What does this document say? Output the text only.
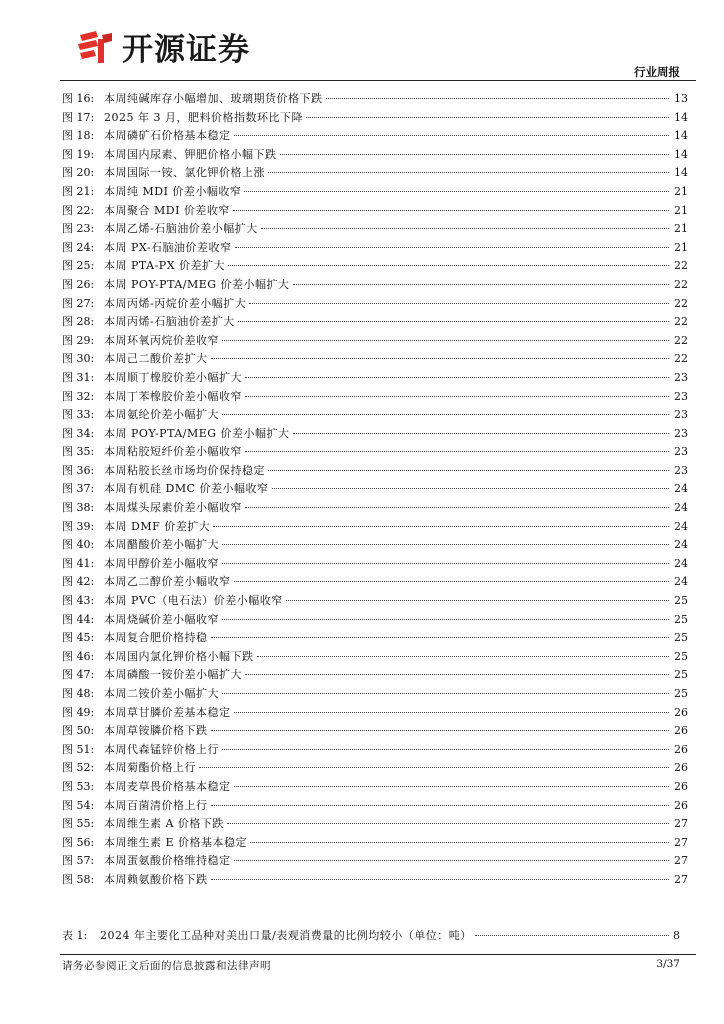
开源证券
行业周报
图 16: 本周纯碱库存小幅增加、玻璃期货价格下跌	13
图 17: 2025 年 3 月，肥料价格指数环比下降	14
图 18: 本周磷矿石价格基本稳定	14
图 19: 本周国内尿素、钾肥价格小幅下跌	14
图 20: 本周国际一铵、氯化钾价格上涨	14
图 21: 本周纯 MDI 价差小幅收窄	21
图 22: 本周聚合 MDI 价差收窄	21
图 23: 本周乙烯-石脑油价差小幅扩大	21
图 24: 本周 PX-石脑油价差收窄	21
图 25: 本周 PTA-PX 价差扩大	22
图 26: 本周 POY-PTA/MEG 价差小幅扩大	22
图 27: 本周丙烯-丙烷价差小幅扩大	22
图 28: 本周丙烯-石脑油价差扩大	22
图 29: 本周环氧丙烷价差收窄	22
图 30: 本周己二酸价差扩大	22
图 31: 本周顺丁橡胶价差小幅扩大	23
图 32: 本周丁苯橡胶价差小幅收窄	23
图 33: 本周氨纶价差小幅扩大	23
图 34: 本周 POY-PTA/MEG 价差小幅扩大	23
图 35: 本周粘胶短纤价差小幅收窄	23
图 36: 本周粘胶长丝市场均价保持稳定	23
图 37: 本周有机硅 DMC 价差小幅收窄	24
图 38: 本周煤头尿素价差小幅收窄	24
图 39: 本周 DMF 价差扩大	24
图 40: 本周醋酸价差小幅扩大	24
图 41: 本周甲醇价差小幅收窄	24
图 42: 本周乙二醇价差小幅收窄	24
图 43: 本周 PVC（电石法）价差小幅收窄	25
图 44: 本周烧碱价差小幅收窄	25
图 45: 本周复合肥价格持稳	25
图 46: 本周国内氯化钾价格小幅下跌	25
图 47: 本周磷酸一铵价差小幅扩大	25
图 48: 本周二铵价差小幅扩大	25
图 49: 本周草甘膦价差基本稳定	26
图 50: 本周草铵膦价格下跌	26
图 51: 本周代森锰锌价格上行	26
图 52: 本周菊酯价格上行	26
图 53: 本周麦草畏价格基本稳定	26
图 54: 本周百菌清价格上行	26
图 55: 本周维生素 A 价格下跌	27
图 56: 本周维生素 E 价格基本稳定	27
图 57: 本周蛋氨酸价格维持稳定	27
图 58: 本周赖氨酸价格下跌	27
表 1:	2024 年主要化工品种对美出口量/表观消费量的比例均较小（单位：吨）	8
请务必参阅正文后面的信息披露和法律声明	3/37
